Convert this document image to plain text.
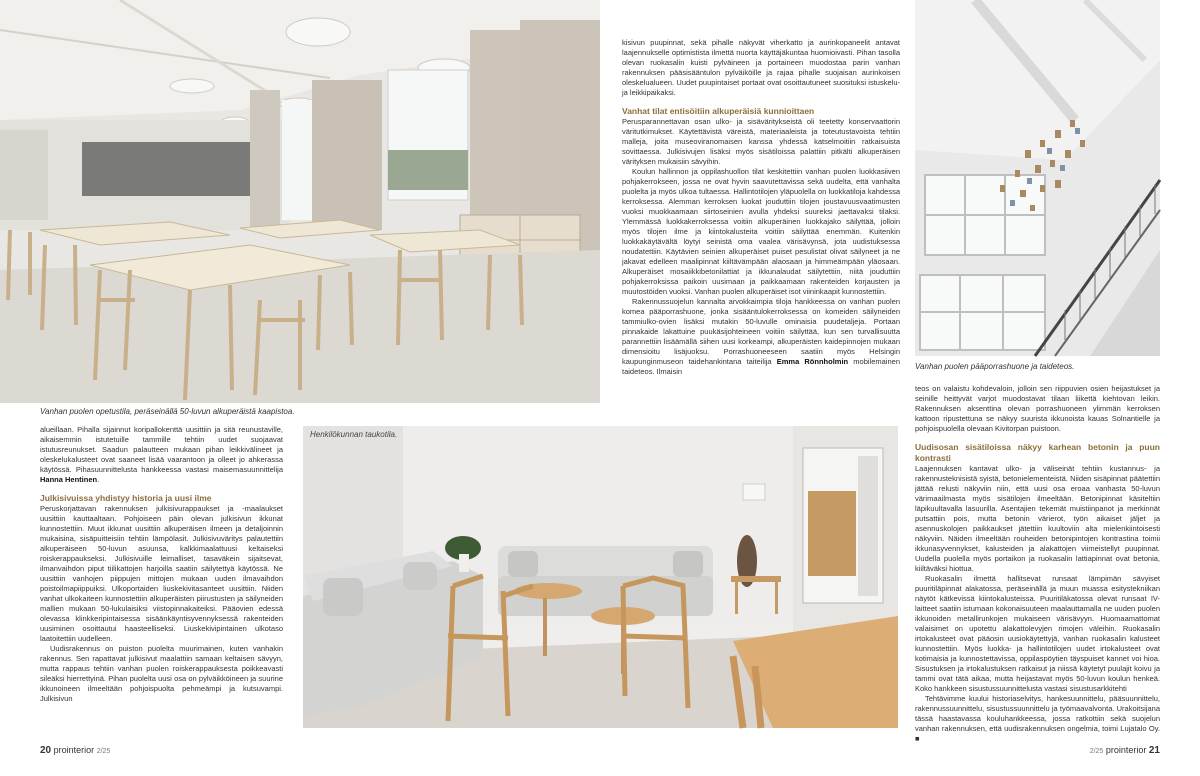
Vanhan puolen opetustila, peräseinällä 50-luvun alkuperäistä kaapistoa.

alueillaan. Pihalla sijainnut koripallokenttä uusittiin ja sitä reunustaville, aikaisemmin istutetuille tammille tehtiin uudet suojaavat istutusreunukset. Saadun palautteen mukaan pihan leikkivälineet ja oleskelukalusteet ovat saaneet lisää vaarantoon ja olleet jo ahkerassa käytössä. Pihasuunnittelusta hankkeessa vastasi maisemasuunnittelija Hanna Hentinen.

Julkisivuissa yhdistyy historia ja uusi ilme

Peruskorjattavan rakennuksen julkisivurappaukset ja -maalaukset uusittiin kauttaaltaan. Pohjoiseen päin olevan julkisivun ikkunat kunnostettiin. Muut ikkunat uusittiin alkuperäisen ilmeen ja detaljoinnin mukaisina, sisäpuitteisiin tehtiin lämpölasit. Julkisivuväritys palautettiin alkuperäiseen 50-luvun asuunsa, kalkkimaalattuusi keltaiseksi roiskerappaukseksi. Julkisivuille leimalliset, tasaväkein sijaitsevat, ilmanvaihdon piput tiilikattojen harjoilla saatiin säilytettyä käytössä. Ne uusittiin vanhojen piippujen mittojen mukaan uuden ilmavaihdon poistoilmapiippuiksi. Ulkoportaiden liuskekivitasanteet uusittiin. Niiden vanhat ulkokaiteen kunnostettiin alkuperäisten piirustusten ja säilyneiden mallien mukaan 50-lukulaisiksi viistopinnakaiteiksi. Pääovien edessä olevassa klinkkeripintaisessa sisäänkäyntisyvennyksessä rakenteiden uusiminen osoittautui haasteelliseksi. Liuskekivipintainen ulkotaso laatoitettiin uudelleen.

Uudisrakennus on puiston puolelta muurimainen, kuten vanhakin rakennus. Sen rapattavat julkisivut maalattiin samaan keltaisen sävyyn, mutta rappaus tehtiin vanhan puolen roiskerappauksesta poikkeavasti sileäksi hierrettyinä. Pihan puolelta uusi osa on pylväikköineen ja suurine ikkunoineen ilmeeltään pohjoispuolta pehmeämpi ja kutsuvampi. Julkisivun

Henkilökunnan taukotila.

kisivun puupinnat, sekä pihalle näkyvät viherkatto ja aurinkopaneelit antavat laajennukselle optimistista ilmettä nuorta käyttäjäkuntaa huomioivasti. Pihan tasolla olevan ruokasalin kuisti pylväineen ja portaineen muodostaa parin vanhan rakennuksen pääsisääntulon pylväiköille ja rajaa pihalle suojaisan aurinkoisen oleskelualueen. Uudet puupintaiset portaat ovat osoittautuneet suosituksi istuskelu- ja leikkipaikaksi.

Vanhat tilat entisöitiin alkuperäisiä kunnioittaen

Perusparannettavan osan ulko- ja sisäväritykseistä oli teetetty konservaattorin väritutkimukset. Käytettävistä väreistä, materiaaleista ja toteutustavoista tehtiin malleja, joita museoviranomaisen kanssa yhdessä katselmoitiin ratkaisuista sovittaessa. Julkisivujen lisäksi myös sisätiloissa palattiin pitkälti alkuperäisen värityksen mukaisiin sävyihin.

Koulun hallinnon ja oppilashuollon tilat keskitettiin vanhan puolen luokkasiiven pohjakerrokseen, jossa ne ovat hyvin saavutettavissa sekä uudelta, että vanhalta puolelta ja myös ulkoa tultaessa. Hallintotilojen yläpuolella on luokkatiloja kahdessa kerroksessa. Alemman kerroksen luokat jouduttiin tilojen joustavuusvaatimusten vuoksi muokkaamaan siirtoseinien avulla yhdeksi suureksi jaettavaksi tilaksi. Ylemmässä luokkakerroksessa voitiin alkuperäinen luokkajako säilyttää, jolloin myös tilojen ilme ja kiintokalusteita voitiin säilyttää enemmän. Kuitenkin luokkakäytävältä löytyi seinistä oma vaalea värisävynsä, jota uudistuksessa noudatettiin. Käytävien seinien alkuperäiset puiset pesulistat olivat säilyneet ja ne jakavat edelleen maalipinnat kiiltävämpään alaosaan ja himmeämpään yläosaan. Alkuperäiset mosaiikkibetonilattiat ja ikkunalaudat säilytettiin, niitä jouduttiin pohjakerroksissa paikoin uusimaan ja paikkaamaan rakenteiden korjausten ja muutostöiden vuoksi. Vanhan puolen alkuperäiset isot viininkaapit kunnostettiin.

Rakennussuojelun kannalta arvokkaimpia tiloja hankkeessa on vanhan puolen komea pääporrashuone, jonka sisääntulokerroksessa on komeiden säilyneiden tammiulko-ovien lisäksi mutakin 50-luvulle ominaisia puudetaljeja. Portaan pinnakaide lakattuine puukäsijohteineen voitiin säilyttää, kun sen turvallisuutta parannettiin lisäämällä siihen uusi korkeampi, alkuperäisten kaidepinnojen mukaan dimensioitu lisäjuoksu. Porrashuoneeseen saatiin myös Helsingin kaupunginmuseon taidehankintana taiteilija Emma Rönnholmin mobilemainen taideteos. Ilmaisin

Vanhan puolen pääporrashuone ja taideteos.

teos on valaistu kohdevaloin, jolloin sen riippuvien osien heijastukset ja seinille heittyvät varjot muodostavat tilaan liikettä kiehtovan leikin. Rakennuksen aksenttina olevan porrashuoneen ylimmän kerroksen kattoon ripustettuna se näkyy suurista ikkunoista kauas Solnantielle ja pohjoispuolella olevaan Kivitorpan puistoon.

Uudisosan sisätiloissa näkyy karhean betonin ja puun kontrasti

Laajennuksen kantavat ulko- ja väliseinät tehtiin kustannus- ja rakennusteknisistä syistä, betonielementeistä. Niiden sisäpinnat päätettiin jättää relusti näkyviin niin, että uusi osa eroaa vanhasta 50-luvun värimaailmasta myös sisätilojen ilmeeltään. Betonipinnat käsiteltiin läpikuultavalla lasuurilla. Asentajien tekemät muistiinpanot ja merkinnät putsattiin pois, mutta betonin värierot, työn aikaiset jäljet ja asennuskolojen paikkaukset jätettiin kuultoviin alta mielenkiintoisesti näkyviin. Näiden ilmeeltään rouheiden betonipintojen kontrastina toimii ikkunasyvennykset, kalusteiden ja alakattojen viimeistellyt puupinnat. Uudella puolella myös portaikon ja ruokasalin lattiapinnat ovat betonia, kiiltäväksi hiottua.

Ruokasalin ilmettä hallitsevat runsaat lämpimän sävyiset puuritiläpinnat alakatossa, peräseinällä ja muun muassa esitystekniikan näytöt kätkevissä kiintokalusteissa. Puuritiläkatossa olevat runsaat IV-laitteet saatiin istumaan kokonaisuuteen maalauttamalla ne uuden puolen ikkunoiden metallirunkojen mukaiseen värisävyyn. Huomaamattomat valaisimet on upotettu alakattolevyjen rimojen väleihin. Ruokasalin irtokalusteet ovat pääosin uusiokäytettyjä, vanhan ruokasalin kalusteet kunnostettiin. Myös luokka- ja hallintotilojen uudet irtokalusteet ovat kotimaisia ja kunnostettavissa, oppilaspöytien täyspuiset kannet voi hioa. Sisustuksen ja irtokalustuksen ratkaisut ja niissä käytetyt puulajit koivu ja tammi ovat tätä aikaa, mutta heijastavat myös 50-luvun koulun henkeä. Koko hankkeen sisustussuunnittelusta vastasi sisustusarkkitehti

Tehtävimme kuului historiaselvitys, hankesuunnittelu, pääsuunnittelu, rakennussuunnittelu, sisustussuunnittelu ja työmaavalvonta. Urakoitsijana tässä haastavassa kouluhankkeessa, jossa ratkottiin sekä suojelun vanhan rakennuksen, että uudisrakennuksen ongelmia, toimi Lujatalo Oy. ■

20 prointerior 2/25	2/25 prointerior 21
